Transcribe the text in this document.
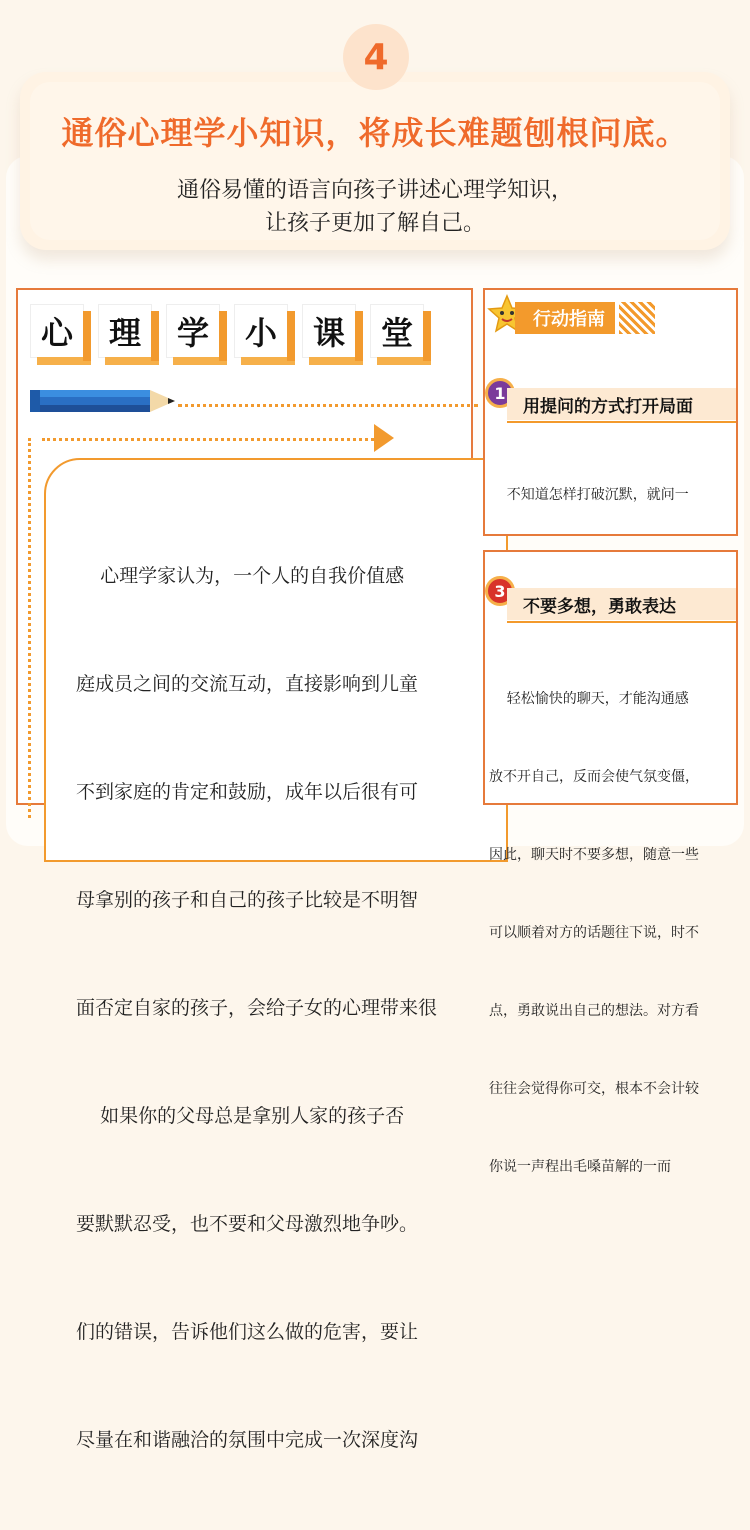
4
通俗心理学小知识，将成长难题刨根问底。
通俗易懂的语言向孩子讲述心理学知识，
让孩子更加了解自己。
心	理	学	小	课	堂

心理学家认为，一个人的自我价值感

庭成员之间的交流互动，直接影响到儿童

不到家庭的肯定和鼓励，成年以后很有可

母拿别的孩子和自己的孩子比较是不明智

面否定自家的孩子，会给子女的心理带来很

如果你的父母总是拿别人家的孩子否

要默默忍受，也不要和父母激烈地争吵。

们的错误，告诉他们这么做的危害，要让

尽量在和谐融洽的氛围中完成一次深度沟

行动指南
1
用提问的方式打开局面

不知道怎样打破沉默，就问一

3
不要多想，勇敢表达

轻松愉快的聊天，才能沟通感

放不开自己，反而会使气氛变僵，

因此，聊天时不要多想，随意一些

可以顺着对方的话题往下说，时不

点，勇敢说出自己的想法。对方看

往往会觉得你可交，根本不会计较

你说一声程出毛嗓苗解的一而
